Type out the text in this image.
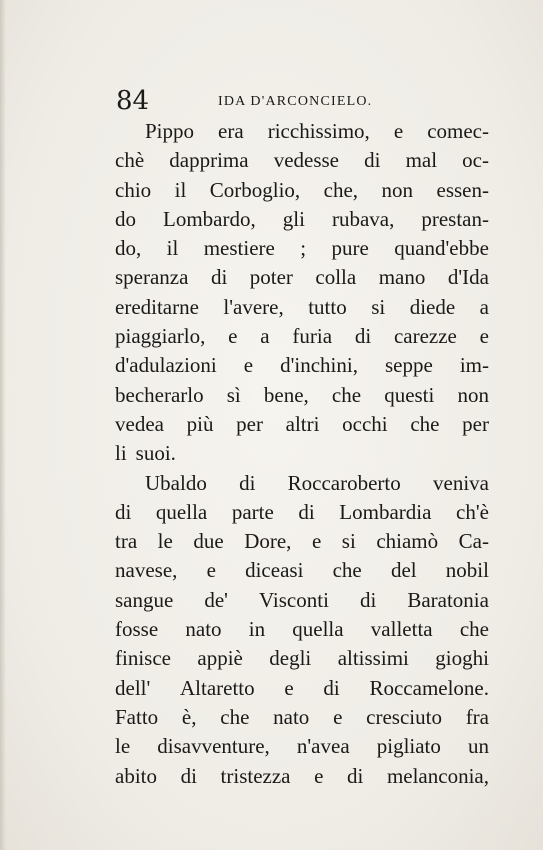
84	IDA D'ARCONCIELO.
Pippo era ricchissimo, e comec-
chè dapprima vedesse di mal oc-
chio il Corboglio, che, non essen-
do Lombardo, gli rubava, prestan-
do, il mestiere ; pure quand'ebbe
speranza di poter colla mano d'Ida
ereditarne l'avere, tutto si diede a
piaggiarlo, e a furia di carezze e
d'adulazioni e d'inchini, seppe im-
becherarlo sì bene, che questi non
vedea più per altri occhi che per
li suoi.
Ubaldo di Roccaroberto veniva
di quella parte di Lombardia ch'è
tra le due Dore, e si chiamò Ca-
navese, e diceasi che del nobil
sangue de' Visconti di Baratonia
fosse nato in quella valletta che
finisce appiè degli altissimi gioghi
dell' Altaretto e di Roccamelone.
Fatto è, che nato e cresciuto fra
le disavventure, n'avea pigliato un
abito di tristezza e di melanconia,
